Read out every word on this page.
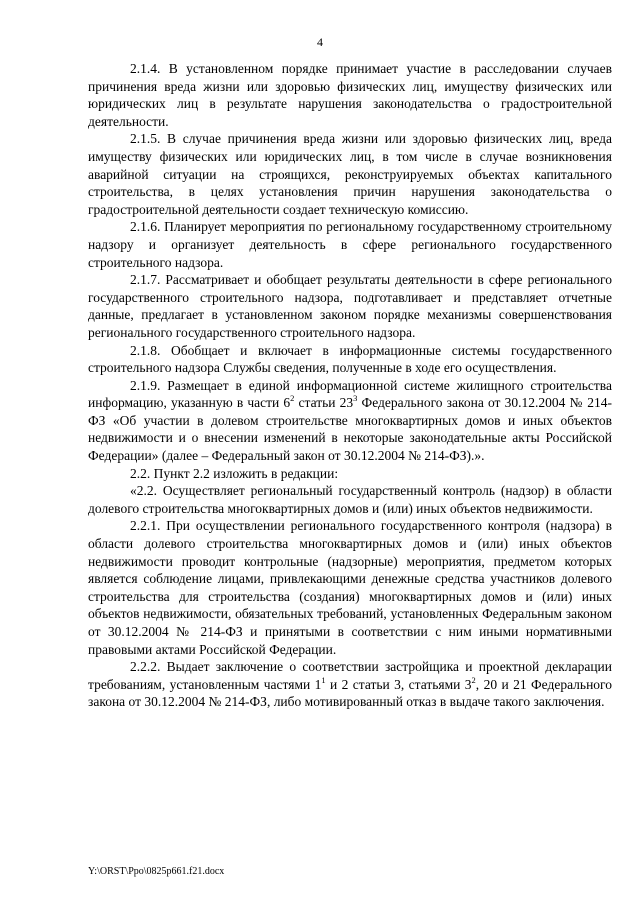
4

2.1.4. В установленном порядке принимает участие в расследовании случаев причинения вреда жизни или здоровью физических лиц, имуществу физических или юридических лиц в результате нарушения законодательства о градостроительной деятельности.

2.1.5. В случае причинения вреда жизни или здоровью физических лиц, вреда имуществу физических или юридических лиц, в том числе в случае возникновения аварийной ситуации на строящихся, реконструируемых объектах капитального строительства, в целях установления причин нарушения законодательства о градостроительной деятельности создает техническую комиссию.

2.1.6. Планирует мероприятия по региональному государственному строительному надзору и организует деятельность в сфере регионального государственного строительного надзора.

2.1.7. Рассматривает и обобщает результаты деятельности в сфере регионального государственного строительного надзора, подготавливает и представляет отчетные данные, предлагает в установленном законом порядке механизмы совершенствования регионального государственного строительного надзора.

2.1.8. Обобщает и включает в информационные системы государственного строительного надзора Службы сведения, полученные в ходе его осуществления.

2.1.9. Размещает в единой информационной системе жилищного строительства информацию, указанную в части $6^2$ статьи $23^3$ Федерального закона от 30.12.2004 № 214-ФЗ «Об участии в долевом строительстве многоквартирных домов и иных объектов недвижимости и о внесении изменений в некоторые законодательные акты Российской Федерации» (далее – Федеральный закон от 30.12.2004 № 214-ФЗ).».

2.2. Пункт 2.2 изложить в редакции:

«2.2. Осуществляет региональный государственный контроль (надзор) в области долевого строительства многоквартирных домов и (или) иных объектов недвижимости.

2.2.1. При осуществлении регионального государственного контроля (надзора) в области долевого строительства многоквартирных домов и (или) иных объектов недвижимости проводит контрольные (надзорные) мероприятия, предметом которых является соблюдение лицами, привлекающими денежные средства участников долевого строительства для строительства (создания) многоквартирных домов и (или) иных объектов недвижимости, обязательных требований, установленных Федеральным законом от 30.12.2004 № 214-ФЗ и принятыми в соответствии с ним иными нормативными правовыми актами Российской Федерации.

2.2.2. Выдает заключение о соответствии застройщика и проектной декларации требованиям, установленным частями $1^1$ и 2 статьи 3, статьями $3^2$, 20 и 21 Федерального закона от 30.12.2004 № 214-ФЗ, либо мотивированный отказ в выдаче такого заключения.

Y:\ORST\Ppo\0825p661.f21.docx
